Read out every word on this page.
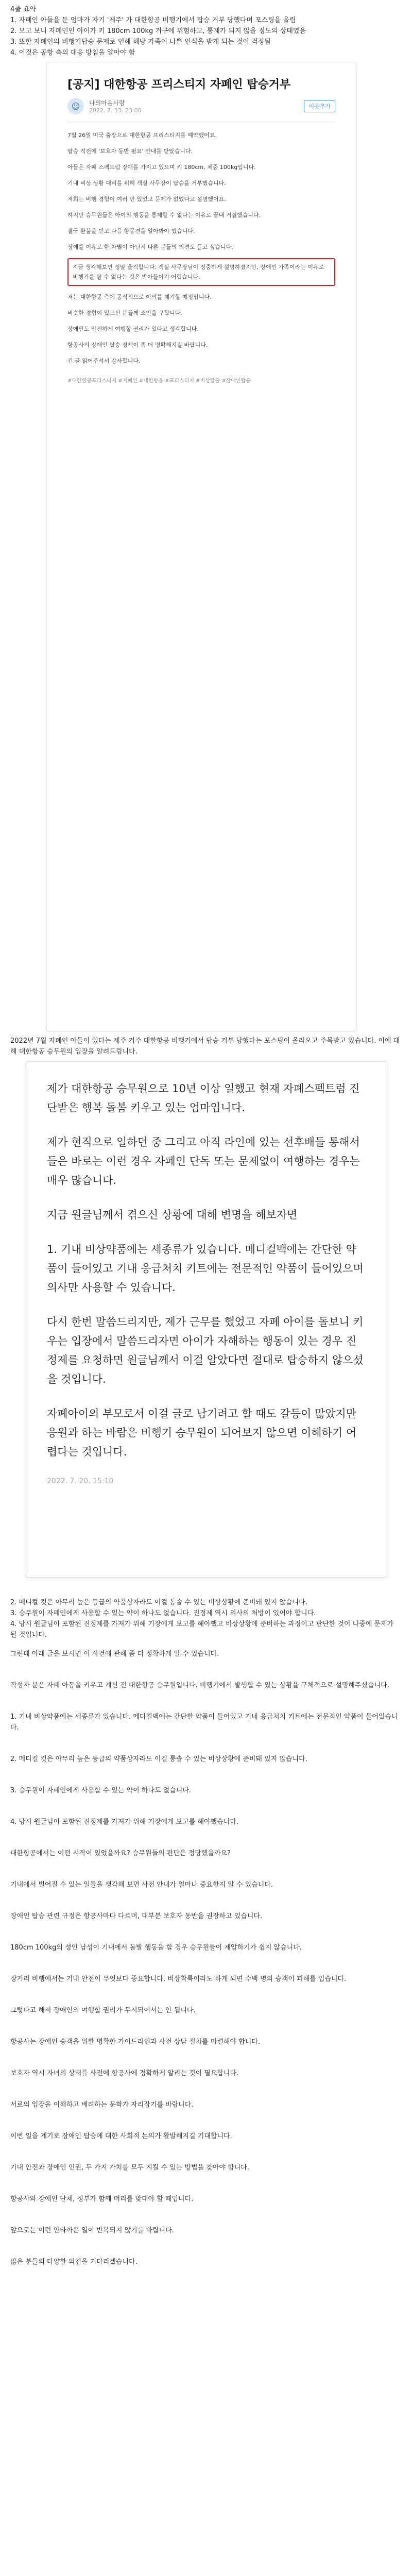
4줄 요약
1. 자폐인 아들을 둔 엄마가 자기 '제주' 가 대한항공 비행기에서 탑승 거부 당했다며 포스팅을 올림
2. 모고 보니 자폐인인 아이가 키 180cm 100kg 거구에 위험하고, 통제가 되지 않을 정도의 상태였음
3. 또한 자폐인의 비행기탑승 문제로 인해 해당 가족이 나쁜 인식을 받게 되는 것이 걱정됨
4. 이것은 공항 측의 대응 방침을 알아야 함
[공지] 대한항공 프리스티지 자폐인 탑승거부
☺ 나의마음사랑
2022. 7. 13. 23:00
이웃추가
7월 26일 미국 출장으로 대한항공 프리스티지를 예약했어요.
탑승 직전에 '보호자 동반 필요' 안내를 받았습니다.
아들은 자폐 스펙트럼 장애를 가지고 있으며 키 180cm, 체중 100kg입니다.
기내 비상 상황 대비를 위해 객실 사무장이 탑승을 거부했습니다.
저희는 비행 경험이 여러 번 있었고 문제가 없었다고 설명했어요.
하지만 승무원들은 아이의 행동을 통제할 수 없다는 이유로 끝내 거절했습니다.
결국 환불을 받고 다음 항공편을 알아봐야 했습니다.
장애를 이유로 한 차별이 아닌지 다른 분들의 의견도 듣고 싶습니다.
지금 생각해보면 정말 울컥합니다. 객실 사무장님이 정중하게 설명하셨지만, 장애인 가족이라는 이유로 비행기를 탈 수 없다는 것은 받아들이기 어렵습니다.
저는 대한항공 측에 공식적으로 이의를 제기할 예정입니다.
비슷한 경험이 있으신 분들께 조언을 구합니다.
장애인도 안전하게 여행할 권리가 있다고 생각합니다.
항공사의 장애인 탑승 정책이 좀 더 명확해지길 바랍니다.
긴 글 읽어주셔서 감사합니다.
#대한항공프리스티지 #자폐인 #대한항공 #프리스티지 #비상탈출 #장애인탑승
제가 대한항공 승무원으로 10년 이상 일했고 현재 자폐스펙트럼 진단받은 행복 돌봄 키우고 있는 엄마입니다.
제가 현직으로 일하던 중 그리고 아직 라인에 있는 선후배들 통해서 들은 바로는 이런 경우 자폐인 단독 또는 문제없이 여행하는 경우는 매우 많습니다.
지금 원글님께서 겪으신 상황에 대해 변명을 해보자면
1. 기내 비상약품에는 세종류가 있습니다. 메디컬백에는 간단한 약품이 들어있고 기내 응급처치 키트에는 전문적인 약품이 들어있으며 의사만 사용할 수 있습니다.
다시 한번 말씀드리지만, 제가 근무를 했었고 자폐 아이를 돌보니 키우는 입장에서 말씀드리자면 아이가 자해하는 행동이 있는 경우 진정제를 요청하면 원글님께서 이걸 알았다면 절대로 탑승하지 않으셨을 것입니다.
자폐아이의 부모로서 이걸 글로 남기려고 할 때도 갈등이 많았지만 응원과 하는 바람은 비행기 승무원이 되어보지 않으면 이해하기 어렵다는 것입니다.
2022. 7. 20. 15:10
2022년 7월 자폐인 아들이 있다는 제주 거주 대한항공 비행기에서 탑승 거부 당했다는 포스팅이 올라오고 주목받고 있습니다. 이에 대해 대한항공 승무원의 입장을 알려드립니다.
2. 메디컬 킷은 아무리 높은 등급의 약품상자라도 이걸 통솔 수 있는 비상상황에 준비돼 있지 않습니다.
3. 승무원이 자폐인에게 사용할 수 있는 약이 하나도 없습니다. 진정제 역시 의사의 처방이 있어야 합니다.
4. 당시 원글님이 포함된 진정제를 가져가 위해 기장에게 보고를 해야했고 비상상황에 준비하는 과정이고 판단한 것이 나중에 문제가 될 것입니다.
그런데 아래 글을 보시면 이 사건에 관해 좀 더 정확하게 알 수 있습니다.
작성자 분은 자폐 아동을 키우고 계신 전 대한항공 승무원입니다. 비행기에서 발생할 수 있는 상황을 구체적으로 설명해주셨습니다.
1. 기내 비상약품에는 세종류가 있습니다. 메디컬백에는 간단한 약품이 들어있고 기내 응급처치 키트에는 전문적인 약품이 들어있습니다.
2. 메디컬 킷은 아무리 높은 등급의 약품상자라도 이걸 통솔 수 있는 비상상황에 준비돼 있지 않습니다.
3. 승무원이 자폐인에게 사용할 수 있는 약이 하나도 없습니다.
4. 당시 원글님이 포함된 진정제를 가져가 위해 기장에게 보고를 해야했습니다.
대한항공에서는 어떤 시작이 있었을까요? 승무원들의 판단은 정당했을까요?
기내에서 벌어질 수 있는 일들을 생각해 보면 사전 안내가 얼마나 중요한지 알 수 있습니다.
장애인 탑승 관련 규정은 항공사마다 다르며, 대부분 보호자 동반을 권장하고 있습니다.
180cm 100kg의 성인 남성이 기내에서 돌발 행동을 할 경우 승무원들이 제압하기가 쉽지 않습니다.
장거리 비행에서는 기내 안전이 무엇보다 중요합니다. 비상착륙이라도 하게 되면 수백 명의 승객이 피해를 입습니다.
그렇다고 해서 장애인의 여행할 권리가 무시되어서는 안 됩니다.
항공사는 장애인 승객을 위한 명확한 가이드라인과 사전 상담 절차를 마련해야 합니다.
보호자 역시 자녀의 상태를 사전에 항공사에 정확하게 알리는 것이 필요합니다.
서로의 입장을 이해하고 배려하는 문화가 자리잡기를 바랍니다.
이번 일을 계기로 장애인 탑승에 대한 사회적 논의가 활발해지길 기대합니다.
기내 안전과 장애인 인권, 두 가지 가치를 모두 지킬 수 있는 방법을 찾아야 합니다.
항공사와 장애인 단체, 정부가 함께 머리를 맞대야 할 때입니다.
앞으로는 이런 안타까운 일이 반복되지 않기를 바랍니다.
많은 분들의 다양한 의견을 기다리겠습니다.
